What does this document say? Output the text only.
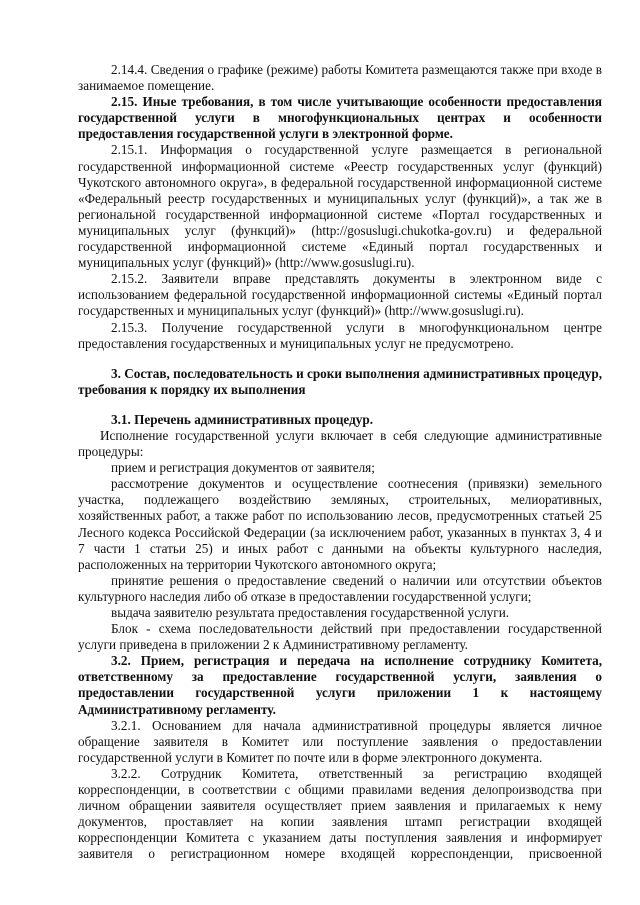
2.14.4. Сведения о графике (режиме) работы Комитета размещаются также при входе в занимаемое помещение.

2.15. Иные требования, в том числе учитывающие особенности предоставления государственной услуги в многофункциональных центрах и особенности предоставления государственной услуги в электронной форме.

2.15.1. Информация о государственной услуге размещается в региональной государственной информационной системе «Реестр государственных услуг (функций) Чукотского автономного округа», в федеральной государственной информационной системе «Федеральный реестр государственных и муниципальных услуг (функций)», а так же в региональной государственной информационной системе «Портал государственных и муниципальных услуг (функций)» (http://gosuslugi.chukotka-gov.ru) и федеральной государственной информационной системе «Единый портал государственных и муниципальных услуг (функций)» (http://www.gosuslugi.ru).

2.15.2. Заявители вправе представлять документы в электронном виде с использованием федеральной государственной информационной системы «Единый портал государственных и муниципальных услуг (функций)» (http://www.gosuslugi.ru).

2.15.3. Получение государственной услуги в многофункциональном центре предоставления государственных и муниципальных услуг не предусмотрено.

3. Состав, последовательность и сроки выполнения административных процедур, требования к порядку их выполнения

3.1. Перечень административных процедур.

Исполнение государственной услуги включает в себя следующие административные процедуры:

прием и регистрация документов от заявителя;

рассмотрение документов и осуществление соотнесения (привязки) земельного участка, подлежащего воздействию земляных, строительных, мелиоративных, хозяйственных работ, а также работ по использованию лесов, предусмотренных статьей 25 Лесного кодекса Российской Федерации (за исключением работ, указанных в пунктах 3, 4 и 7 части 1 статьи 25) и иных работ с данными на объекты культурного наследия, расположенных на территории Чукотского автономного округа;

принятие решения о предоставление сведений о наличии или отсутствии объектов культурного наследия либо об отказе в предоставлении государственной услуги;

выдача заявителю результата предоставления государственной услуги.

Блок - схема последовательности действий при предоставлении государственной услуги приведена в приложении 2 к Административному регламенту.

3.2. Прием, регистрация и передача на исполнение сотруднику Комитета, ответственному за предоставление государственной услуги, заявления о предоставлении государственной услуги приложении 1 к настоящему Административному регламенту.

3.2.1. Основанием для начала административной процедуры является личное обращение заявителя в Комитет или поступление заявления о предоставлении государственной услуги в Комитет по почте или в форме электронного документа.

3.2.2. Сотрудник Комитета, ответственный за регистрацию входящей корреспонденции, в соответствии с общими правилами ведения делопроизводства при личном обращении заявителя осуществляет прием заявления и прилагаемых к нему документов, проставляет на копии заявления штамп регистрации входящей корреспонденции Комитета с указанием даты поступления заявления и информирует заявителя о регистрационном номере входящей корреспонденции, присвоенной
